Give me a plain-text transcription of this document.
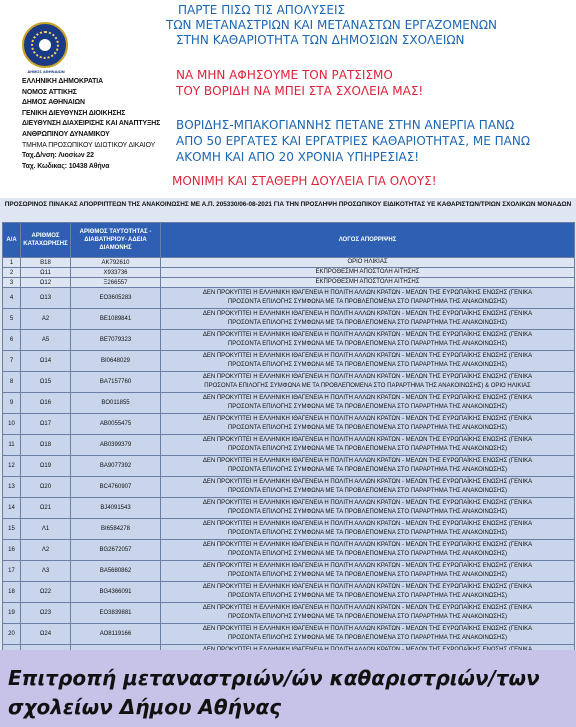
ΔΗΜΟΣ ΑΘΗΝΑΙΩΝ
ΕΛΛΗΝΙΚΗ ΔΗΜΟΚΡΑΤΙΑ
ΝΟΜΟΣ ΑΤΤΙΚΗΣ
ΔΗΜΟΣ ΑΘΗΝΑΙΩΝ
ΓΕΝΙΚΗ ΔΙΕΥΘΥΝΣΗ ΔΙΟΙΚΗΣΗΣ
ΔΙΕΥΘΥΝΣΗ ΔΙΑΧΕΙΡΙΣΗΣ ΚΑΙ ΑΝΑΠΤΥΞΗΣ
ΑΝΘΡΩΠΙΝΟΥ ΔΥΝΑΜΙΚΟΥ
ΤΜΗΜΑ ΠΡΟΣΩΠΙΚΟΥ ΙΔΙΩΤΙΚΟΥ ΔΙΚΑΙΟΥ
Ταχ.Δ/νση: Λιοσίων 22
Ταχ. Κωδικας: 10438 Αθήνα
ΠΑΡΤΕ ΠΙΣΩ ΤΙΣ ΑΠΟΛΥΣΕΙΣ
ΤΩΝ ΜΕΤΑΝΑΣΤΡΙΩΝ ΚΑΙ ΜΕΤΑΝΑΣΤΩΝ ΕΡΓΑΖΟΜΕΝΩΝ
ΣΤΗΝ ΚΑΘΑΡΙΟΤΗΤΑ ΤΩΝ ΔΗΜΟΣΙΩΝ ΣΧΟΛΕΙΩΝ
ΝΑ ΜΗΝ ΑΦΗΣΟΥΜΕ ΤΟΝ ΡΑΤΣΙΣΜΟ
ΤΟΥ ΒΟΡΙΔΗ ΝΑ ΜΠΕΙ ΣΤΑ ΣΧΟΛΕΙΑ ΜΑΣ!
ΒΟΡΙΔΗΣ-ΜΠΑΚΟΓΙΑΝΝΗΣ ΠΕΤΑΝΕ ΣΤΗΝ ΑΝΕΡΓΙΑ ΠΑΝΩ
ΑΠΟ 50 ΕΡΓΑΤΕΣ ΚΑΙ ΕΡΓΑΤΡΙΕΣ ΚΑΘΑΡΙΟΤΗΤΑΣ, ΜΕ ΠΑΝΩ
ΑΚΟΜΗ ΚΑΙ ΑΠΟ 20 ΧΡΟΝΙΑ ΥΠΗΡΕΣΙΑΣ!
ΜΟΝΙΜΗ ΚΑΙ ΣΤΑΘΕΡΗ ΔΟΥΛΕΙΑ ΓΙΑ ΟΛΟΥΣ!
ΠΡΟΣΩΡΙΝΟΣ ΠΙΝΑΚΑΣ ΑΠΟΡΡΙΠΤΕΩΝ ΤΗΣ ΑΝΑΚΟΙΝΩΣΗΣ ΜΕ Α.Π. 205330/06-08-2021 ΓΙΑ ΤΗΝ ΠΡΟΣΛΗΨΗ ΠΡΟΣΩΠΙΚΟΥ ΕΙΔΙΚΟΤΗΤΑΣ ΥΕ ΚΑΘΑΡΙΣΤΩΝ/ΤΡΙΩΝ ΣΧΟΛΙΚΩΝ ΜΟΝΑΔΩΝ
Α/Α	ΑΡΙΘΜΟΣ ΚΑΤΑΧΩΡΗΣΗΣ	ΑΡΙΘΜΟΣ ΤΑΥΤΟΤΗΤΑΣ - ΔΙΑΒΑΤΗΡΙΟΥ- ΑΔΕΙΑ ΔΙΑΜΟΝΗΣ	ΛΟΓΟΣ ΑΠΟΡΡΙΨΗΣ
1	Β18	ΑΚ792610	ΟΡΙΟ ΗΛΙΚΙΑΣ

2	Ω11	Χ933736	ΕΚΠΡΟΘΕΣΜΗ ΑΠΟΣΤΟΛΗ ΑΙΤΗΣΗΣ

3	Ω12	Ξ266557	ΕΚΠΡΟΘΕΣΜΗ ΑΠΟΣΤΟΛΗ ΑΙΤΗΣΗΣ

4	Ω13	ΕΟ3605283	ΔΕΝ ΠΡΟΚΥΠΤΕΙ Η ΕΛΛΗΝΙΚΗ ΙΘΑΓΕΝΕΙΑ Η ΠΟΛΙΤΗ ΑΛΛΩΝ ΚΡΑΤΩΝ - ΜΕΛΩΝ ΤΗΣ ΕΥΡΩΠΑΪΚΗΣ ΕΝΩΣΗΣ (ΓΕΝΙΚΑ
ΠΡΟΣΟΝΤΑ ΕΠΙΛΟΓΗΣ ΣΥΜΦΩΝΑ ΜΕ ΤΑ ΠΡΟΒΛΕΠΟΜΕΝΑ ΣΤΟ ΠΑΡΑΡΤΗΜΑ ΤΗΣ ΑΝΑΚΟΙΝΩΣΗΣ)

5	Α2	ΒΕ1089841	ΔΕΝ ΠΡΟΚΥΠΤΕΙ Η ΕΛΛΗΝΙΚΗ ΙΘΑΓΕΝΕΙΑ Η ΠΟΛΙΤΗ ΑΛΛΩΝ ΚΡΑΤΩΝ - ΜΕΛΩΝ ΤΗΣ ΕΥΡΩΠΑΪΚΗΣ ΕΝΩΣΗΣ (ΓΕΝΙΚΑ
ΠΡΟΣΟΝΤΑ ΕΠΙΛΟΓΗΣ ΣΥΜΦΩΝΑ ΜΕ ΤΑ ΠΡΟΒΛΕΠΟΜΕΝΑ ΣΤΟ ΠΑΡΑΡΤΗΜΑ ΤΗΣ ΑΝΑΚΟΙΝΩΣΗΣ)

6	Α5	ΒΕ7079323	ΔΕΝ ΠΡΟΚΥΠΤΕΙ Η ΕΛΛΗΝΙΚΗ ΙΘΑΓΕΝΕΙΑ Η ΠΟΛΙΤΗ ΑΛΛΩΝ ΚΡΑΤΩΝ - ΜΕΛΩΝ ΤΗΣ ΕΥΡΩΠΑΪΚΗΣ ΕΝΩΣΗΣ (ΓΕΝΙΚΑ
ΠΡΟΣΟΝΤΑ ΕΠΙΛΟΓΗΣ ΣΥΜΦΩΝΑ ΜΕ ΤΑ ΠΡΟΒΛΕΠΟΜΕΝΑ ΣΤΟ ΠΑΡΑΡΤΗΜΑ ΤΗΣ ΑΝΑΚΟΙΝΩΣΗΣ)

7	Ω14	ΒΙ0648029	ΔΕΝ ΠΡΟΚΥΠΤΕΙ Η ΕΛΛΗΝΙΚΗ ΙΘΑΓΕΝΕΙΑ Η ΠΟΛΙΤΗ ΑΛΛΩΝ ΚΡΑΤΩΝ - ΜΕΛΩΝ ΤΗΣ ΕΥΡΩΠΑΪΚΗΣ ΕΝΩΣΗΣ (ΓΕΝΙΚΑ
ΠΡΟΣΟΝΤΑ ΕΠΙΛΟΓΗΣ ΣΥΜΦΩΝΑ ΜΕ ΤΑ ΠΡΟΒΛΕΠΟΜΕΝΑ ΣΤΟ ΠΑΡΑΡΤΗΜΑ ΤΗΣ ΑΝΑΚΟΙΝΩΣΗΣ)

8	Ω15	ΒΑ7157760	ΔΕΝ ΠΡΟΚΥΠΤΕΙ Η ΕΛΛΗΝΙΚΗ ΙΘΑΓΕΝΕΙΑ Η ΠΟΛΙΤΗ ΑΛΛΩΝ ΚΡΑΤΩΝ - ΜΕΛΩΝ ΤΗΣ ΕΥΡΩΠΑΪΚΗΣ ΕΝΩΣΗΣ (ΓΕΝΙΚΑ
ΠΡΟΣΟΝΤΑ ΕΠΙΛΟΓΗΣ ΣΥΜΦΩΝΑ ΜΕ ΤΑ ΠΡΟΒΛΕΠΟΜΕΝΑ ΣΤΟ ΠΑΡΑΡΤΗΜΑ ΤΗΣ ΑΝΑΚΟΙΝΩΣΗΣ) & ΟΡΙΟ ΗΛΙΚΙΑΣ

9	Ω16	ΒΟ011855	ΔΕΝ ΠΡΟΚΥΠΤΕΙ Η ΕΛΛΗΝΙΚΗ ΙΘΑΓΕΝΕΙΑ Η ΠΟΛΙΤΗ ΑΛΛΩΝ ΚΡΑΤΩΝ - ΜΕΛΩΝ ΤΗΣ ΕΥΡΩΠΑΪΚΗΣ ΕΝΩΣΗΣ (ΓΕΝΙΚΑ
ΠΡΟΣΟΝΤΑ ΕΠΙΛΟΓΗΣ ΣΥΜΦΩΝΑ ΜΕ ΤΑ ΠΡΟΒΛΕΠΟΜΕΝΑ ΣΤΟ ΠΑΡΑΡΤΗΜΑ ΤΗΣ ΑΝΑΚΟΙΝΩΣΗΣ)

10	Ω17	ΑΒ0055475	ΔΕΝ ΠΡΟΚΥΠΤΕΙ Η ΕΛΛΗΝΙΚΗ ΙΘΑΓΕΝΕΙΑ Η ΠΟΛΙΤΗ ΑΛΛΩΝ ΚΡΑΤΩΝ - ΜΕΛΩΝ ΤΗΣ ΕΥΡΩΠΑΪΚΗΣ ΕΝΩΣΗΣ (ΓΕΝΙΚΑ
ΠΡΟΣΟΝΤΑ ΕΠΙΛΟΓΗΣ ΣΥΜΦΩΝΑ ΜΕ ΤΑ ΠΡΟΒΛΕΠΟΜΕΝΑ ΣΤΟ ΠΑΡΑΡΤΗΜΑ ΤΗΣ ΑΝΑΚΟΙΝΩΣΗΣ)

11	Ω18	ΑΒ0399379	ΔΕΝ ΠΡΟΚΥΠΤΕΙ Η ΕΛΛΗΝΙΚΗ ΙΘΑΓΕΝΕΙΑ Η ΠΟΛΙΤΗ ΑΛΛΩΝ ΚΡΑΤΩΝ - ΜΕΛΩΝ ΤΗΣ ΕΥΡΩΠΑΪΚΗΣ ΕΝΩΣΗΣ (ΓΕΝΙΚΑ
ΠΡΟΣΟΝΤΑ ΕΠΙΛΟΓΗΣ ΣΥΜΦΩΝΑ ΜΕ ΤΑ ΠΡΟΒΛΕΠΟΜΕΝΑ ΣΤΟ ΠΑΡΑΡΤΗΜΑ ΤΗΣ ΑΝΑΚΟΙΝΩΣΗΣ)

12	Ω19	ΒΑ9077392	ΔΕΝ ΠΡΟΚΥΠΤΕΙ Η ΕΛΛΗΝΙΚΗ ΙΘΑΓΕΝΕΙΑ Η ΠΟΛΙΤΗ ΑΛΛΩΝ ΚΡΑΤΩΝ - ΜΕΛΩΝ ΤΗΣ ΕΥΡΩΠΑΪΚΗΣ ΕΝΩΣΗΣ (ΓΕΝΙΚΑ
ΠΡΟΣΟΝΤΑ ΕΠΙΛΟΓΗΣ ΣΥΜΦΩΝΑ ΜΕ ΤΑ ΠΡΟΒΛΕΠΟΜΕΝΑ ΣΤΟ ΠΑΡΑΡΤΗΜΑ ΤΗΣ ΑΝΑΚΟΙΝΩΣΗΣ)

13	Ω20	ΒC4760907	ΔΕΝ ΠΡΟΚΥΠΤΕΙ Η ΕΛΛΗΝΙΚΗ ΙΘΑΓΕΝΕΙΑ Η ΠΟΛΙΤΗ ΑΛΛΩΝ ΚΡΑΤΩΝ - ΜΕΛΩΝ ΤΗΣ ΕΥΡΩΠΑΪΚΗΣ ΕΝΩΣΗΣ (ΓΕΝΙΚΑ
ΠΡΟΣΟΝΤΑ ΕΠΙΛΟΓΗΣ ΣΥΜΦΩΝΑ ΜΕ ΤΑ ΠΡΟΒΛΕΠΟΜΕΝΑ ΣΤΟ ΠΑΡΑΡΤΗΜΑ ΤΗΣ ΑΝΑΚΟΙΝΩΣΗΣ)

14	Ω21	ΒJ4091543	ΔΕΝ ΠΡΟΚΥΠΤΕΙ Η ΕΛΛΗΝΙΚΗ ΙΘΑΓΕΝΕΙΑ Η ΠΟΛΙΤΗ ΑΛΛΩΝ ΚΡΑΤΩΝ - ΜΕΛΩΝ ΤΗΣ ΕΥΡΩΠΑΪΚΗΣ ΕΝΩΣΗΣ (ΓΕΝΙΚΑ
ΠΡΟΣΟΝΤΑ ΕΠΙΛΟΓΗΣ ΣΥΜΦΩΝΑ ΜΕ ΤΑ ΠΡΟΒΛΕΠΟΜΕΝΑ ΣΤΟ ΠΑΡΑΡΤΗΜΑ ΤΗΣ ΑΝΑΚΟΙΝΩΣΗΣ)

15	Λ1	ΒΙ6584278	ΔΕΝ ΠΡΟΚΥΠΤΕΙ Η ΕΛΛΗΝΙΚΗ ΙΘΑΓΕΝΕΙΑ Η ΠΟΛΙΤΗ ΑΛΛΩΝ ΚΡΑΤΩΝ - ΜΕΛΩΝ ΤΗΣ ΕΥΡΩΠΑΪΚΗΣ ΕΝΩΣΗΣ (ΓΕΝΙΚΑ
ΠΡΟΣΟΝΤΑ ΕΠΙΛΟΓΗΣ ΣΥΜΦΩΝΑ ΜΕ ΤΑ ΠΡΟΒΛΕΠΟΜΕΝΑ ΣΤΟ ΠΑΡΑΡΤΗΜΑ ΤΗΣ ΑΝΑΚΟΙΝΩΣΗΣ)

16	Λ2	ΒG2672057	ΔΕΝ ΠΡΟΚΥΠΤΕΙ Η ΕΛΛΗΝΙΚΗ ΙΘΑΓΕΝΕΙΑ Η ΠΟΛΙΤΗ ΑΛΛΩΝ ΚΡΑΤΩΝ - ΜΕΛΩΝ ΤΗΣ ΕΥΡΩΠΑΪΚΗΣ ΕΝΩΣΗΣ (ΓΕΝΙΚΑ
ΠΡΟΣΟΝΤΑ ΕΠΙΛΟΓΗΣ ΣΥΜΦΩΝΑ ΜΕ ΤΑ ΠΡΟΒΛΕΠΟΜΕΝΑ ΣΤΟ ΠΑΡΑΡΤΗΜΑ ΤΗΣ ΑΝΑΚΟΙΝΩΣΗΣ)

17	Λ3	ΒΑ5680862	ΔΕΝ ΠΡΟΚΥΠΤΕΙ Η ΕΛΛΗΝΙΚΗ ΙΘΑΓΕΝΕΙΑ Η ΠΟΛΙΤΗ ΑΛΛΩΝ ΚΡΑΤΩΝ - ΜΕΛΩΝ ΤΗΣ ΕΥΡΩΠΑΪΚΗΣ ΕΝΩΣΗΣ (ΓΕΝΙΚΑ
ΠΡΟΣΟΝΤΑ ΕΠΙΛΟΓΗΣ ΣΥΜΦΩΝΑ ΜΕ ΤΑ ΠΡΟΒΛΕΠΟΜΕΝΑ ΣΤΟ ΠΑΡΑΡΤΗΜΑ ΤΗΣ ΑΝΑΚΟΙΝΩΣΗΣ)

18	Ω22	ΒG4366091	ΔΕΝ ΠΡΟΚΥΠΤΕΙ Η ΕΛΛΗΝΙΚΗ ΙΘΑΓΕΝΕΙΑ Η ΠΟΛΙΤΗ ΑΛΛΩΝ ΚΡΑΤΩΝ - ΜΕΛΩΝ ΤΗΣ ΕΥΡΩΠΑΪΚΗΣ ΕΝΩΣΗΣ (ΓΕΝΙΚΑ
ΠΡΟΣΟΝΤΑ ΕΠΙΛΟΓΗΣ ΣΥΜΦΩΝΑ ΜΕ ΤΑ ΠΡΟΒΛΕΠΟΜΕΝΑ ΣΤΟ ΠΑΡΑΡΤΗΜΑ ΤΗΣ ΑΝΑΚΟΙΝΩΣΗΣ)

19	Ω23	ΕΟ3839881	ΔΕΝ ΠΡΟΚΥΠΤΕΙ Η ΕΛΛΗΝΙΚΗ ΙΘΑΓΕΝΕΙΑ Η ΠΟΛΙΤΗ ΑΛΛΩΝ ΚΡΑΤΩΝ - ΜΕΛΩΝ ΤΗΣ ΕΥΡΩΠΑΪΚΗΣ ΕΝΩΣΗΣ (ΓΕΝΙΚΑ
ΠΡΟΣΟΝΤΑ ΕΠΙΛΟΓΗΣ ΣΥΜΦΩΝΑ ΜΕ ΤΑ ΠΡΟΒΛΕΠΟΜΕΝΑ ΣΤΟ ΠΑΡΑΡΤΗΜΑ ΤΗΣ ΑΝΑΚΟΙΝΩΣΗΣ)

20	Ω24	ΑΟ8119166	ΔΕΝ ΠΡΟΚΥΠΤΕΙ Η ΕΛΛΗΝΙΚΗ ΙΘΑΓΕΝΕΙΑ Η ΠΟΛΙΤΗ ΑΛΛΩΝ ΚΡΑΤΩΝ - ΜΕΛΩΝ ΤΗΣ ΕΥΡΩΠΑΪΚΗΣ ΕΝΩΣΗΣ (ΓΕΝΙΚΑ
ΠΡΟΣΟΝΤΑ ΕΠΙΛΟΓΗΣ ΣΥΜΦΩΝΑ ΜΕ ΤΑ ΠΡΟΒΛΕΠΟΜΕΝΑ ΣΤΟ ΠΑΡΑΡΤΗΜΑ ΤΗΣ ΑΝΑΚΟΙΝΩΣΗΣ)

Επιτροπή μεταναστριών/ών καθαριστριών/των
σχολείων Δήμου Αθήνας
